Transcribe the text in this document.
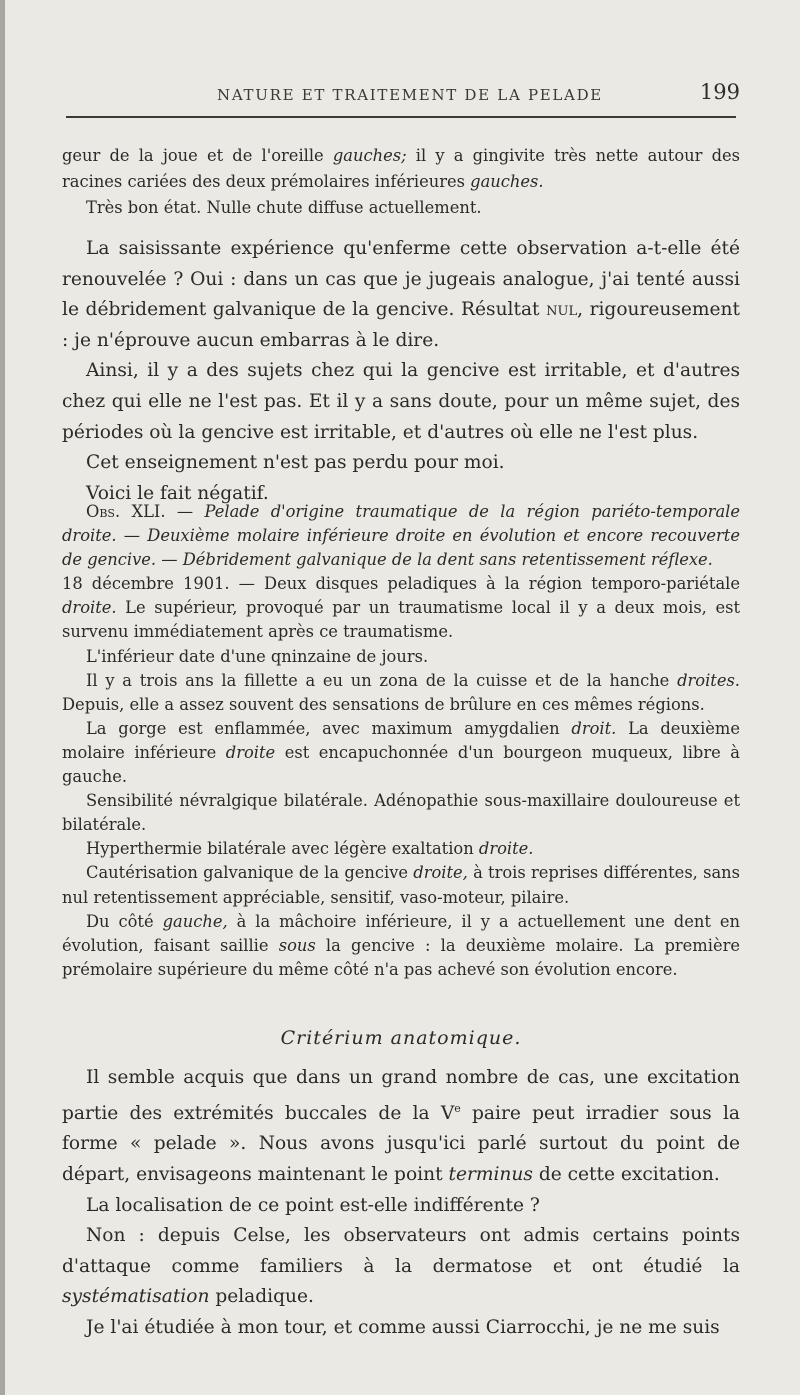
NATURE ET TRAITEMENT DE LA PELADE	199

geur de la joue et de l'oreille gauches; il y a gingivite très nette autour des racines cariées des deux prémolaires inférieures gauches.

Très bon état. Nulle chute diffuse actuellement.

La saisissante expérience qu'enferme cette observation a-t-elle été renouvelée ? Oui : dans un cas que je jugeais analogue, j'ai tenté aussi le débridement galvanique de la gencive. Résultat nul, rigoureusement : je n'éprouve aucun embarras à le dire.

Ainsi, il y a des sujets chez qui la gencive est irritable, et d'autres chez qui elle ne l'est pas. Et il y a sans doute, pour un même sujet, des périodes où la gencive est irritable, et d'autres où elle ne l'est plus.

Cet enseignement n'est pas perdu pour moi.

Voici le fait négatif.

Obs. XLI. — Pelade d'origine traumatique de la région pariéto-temporale droite. — Deuxième molaire inférieure droite en évolution et encore recouverte de gencive. — Débridement galvanique de la dent sans retentissement réflexe.

18 décembre 1901. — Deux disques peladiques à la région temporo-pariétale droite. Le supérieur, provoqué par un traumatisme local il y a deux mois, est survenu immédiatement après ce traumatisme.

L'inférieur date d'une qninzaine de jours.

Il y a trois ans la fillette a eu un zona de la cuisse et de la hanche droites. Depuis, elle a assez souvent des sensations de brûlure en ces mêmes régions.

La gorge est enflammée, avec maximum amygdalien droit. La deuxième molaire inférieure droite est encapuchonnée d'un bourgeon muqueux, libre à gauche.

Sensibilité névralgique bilatérale. Adénopathie sous-maxillaire douloureuse et bilatérale.

Hyperthermie bilatérale avec légère exaltation droite.

Cautérisation galvanique de la gencive droite, à trois reprises différentes, sans nul retentissement appréciable, sensitif, vaso-moteur, pilaire.

Du côté gauche, à la mâchoire inférieure, il y a actuellement une dent en évolution, faisant saillie sous la gencive : la deuxième molaire. La première prémolaire supérieure du même côté n'a pas achevé son évolution encore.

Critérium anatomique.

Il semble acquis que dans un grand nombre de cas, une excitation partie des extrémités buccales de la Ve paire peut irradier sous la forme « pelade ». Nous avons jusqu'ici parlé surtout du point de départ, envisageons maintenant le point terminus de cette excitation.

La localisation de ce point est-elle indifférente ?

Non : depuis Celse, les observateurs ont admis certains points d'attaque comme familiers à la dermatose et ont étudié la systématisation peladique.

Je l'ai étudiée à mon tour, et comme aussi Ciarrocchi, je ne me suis
